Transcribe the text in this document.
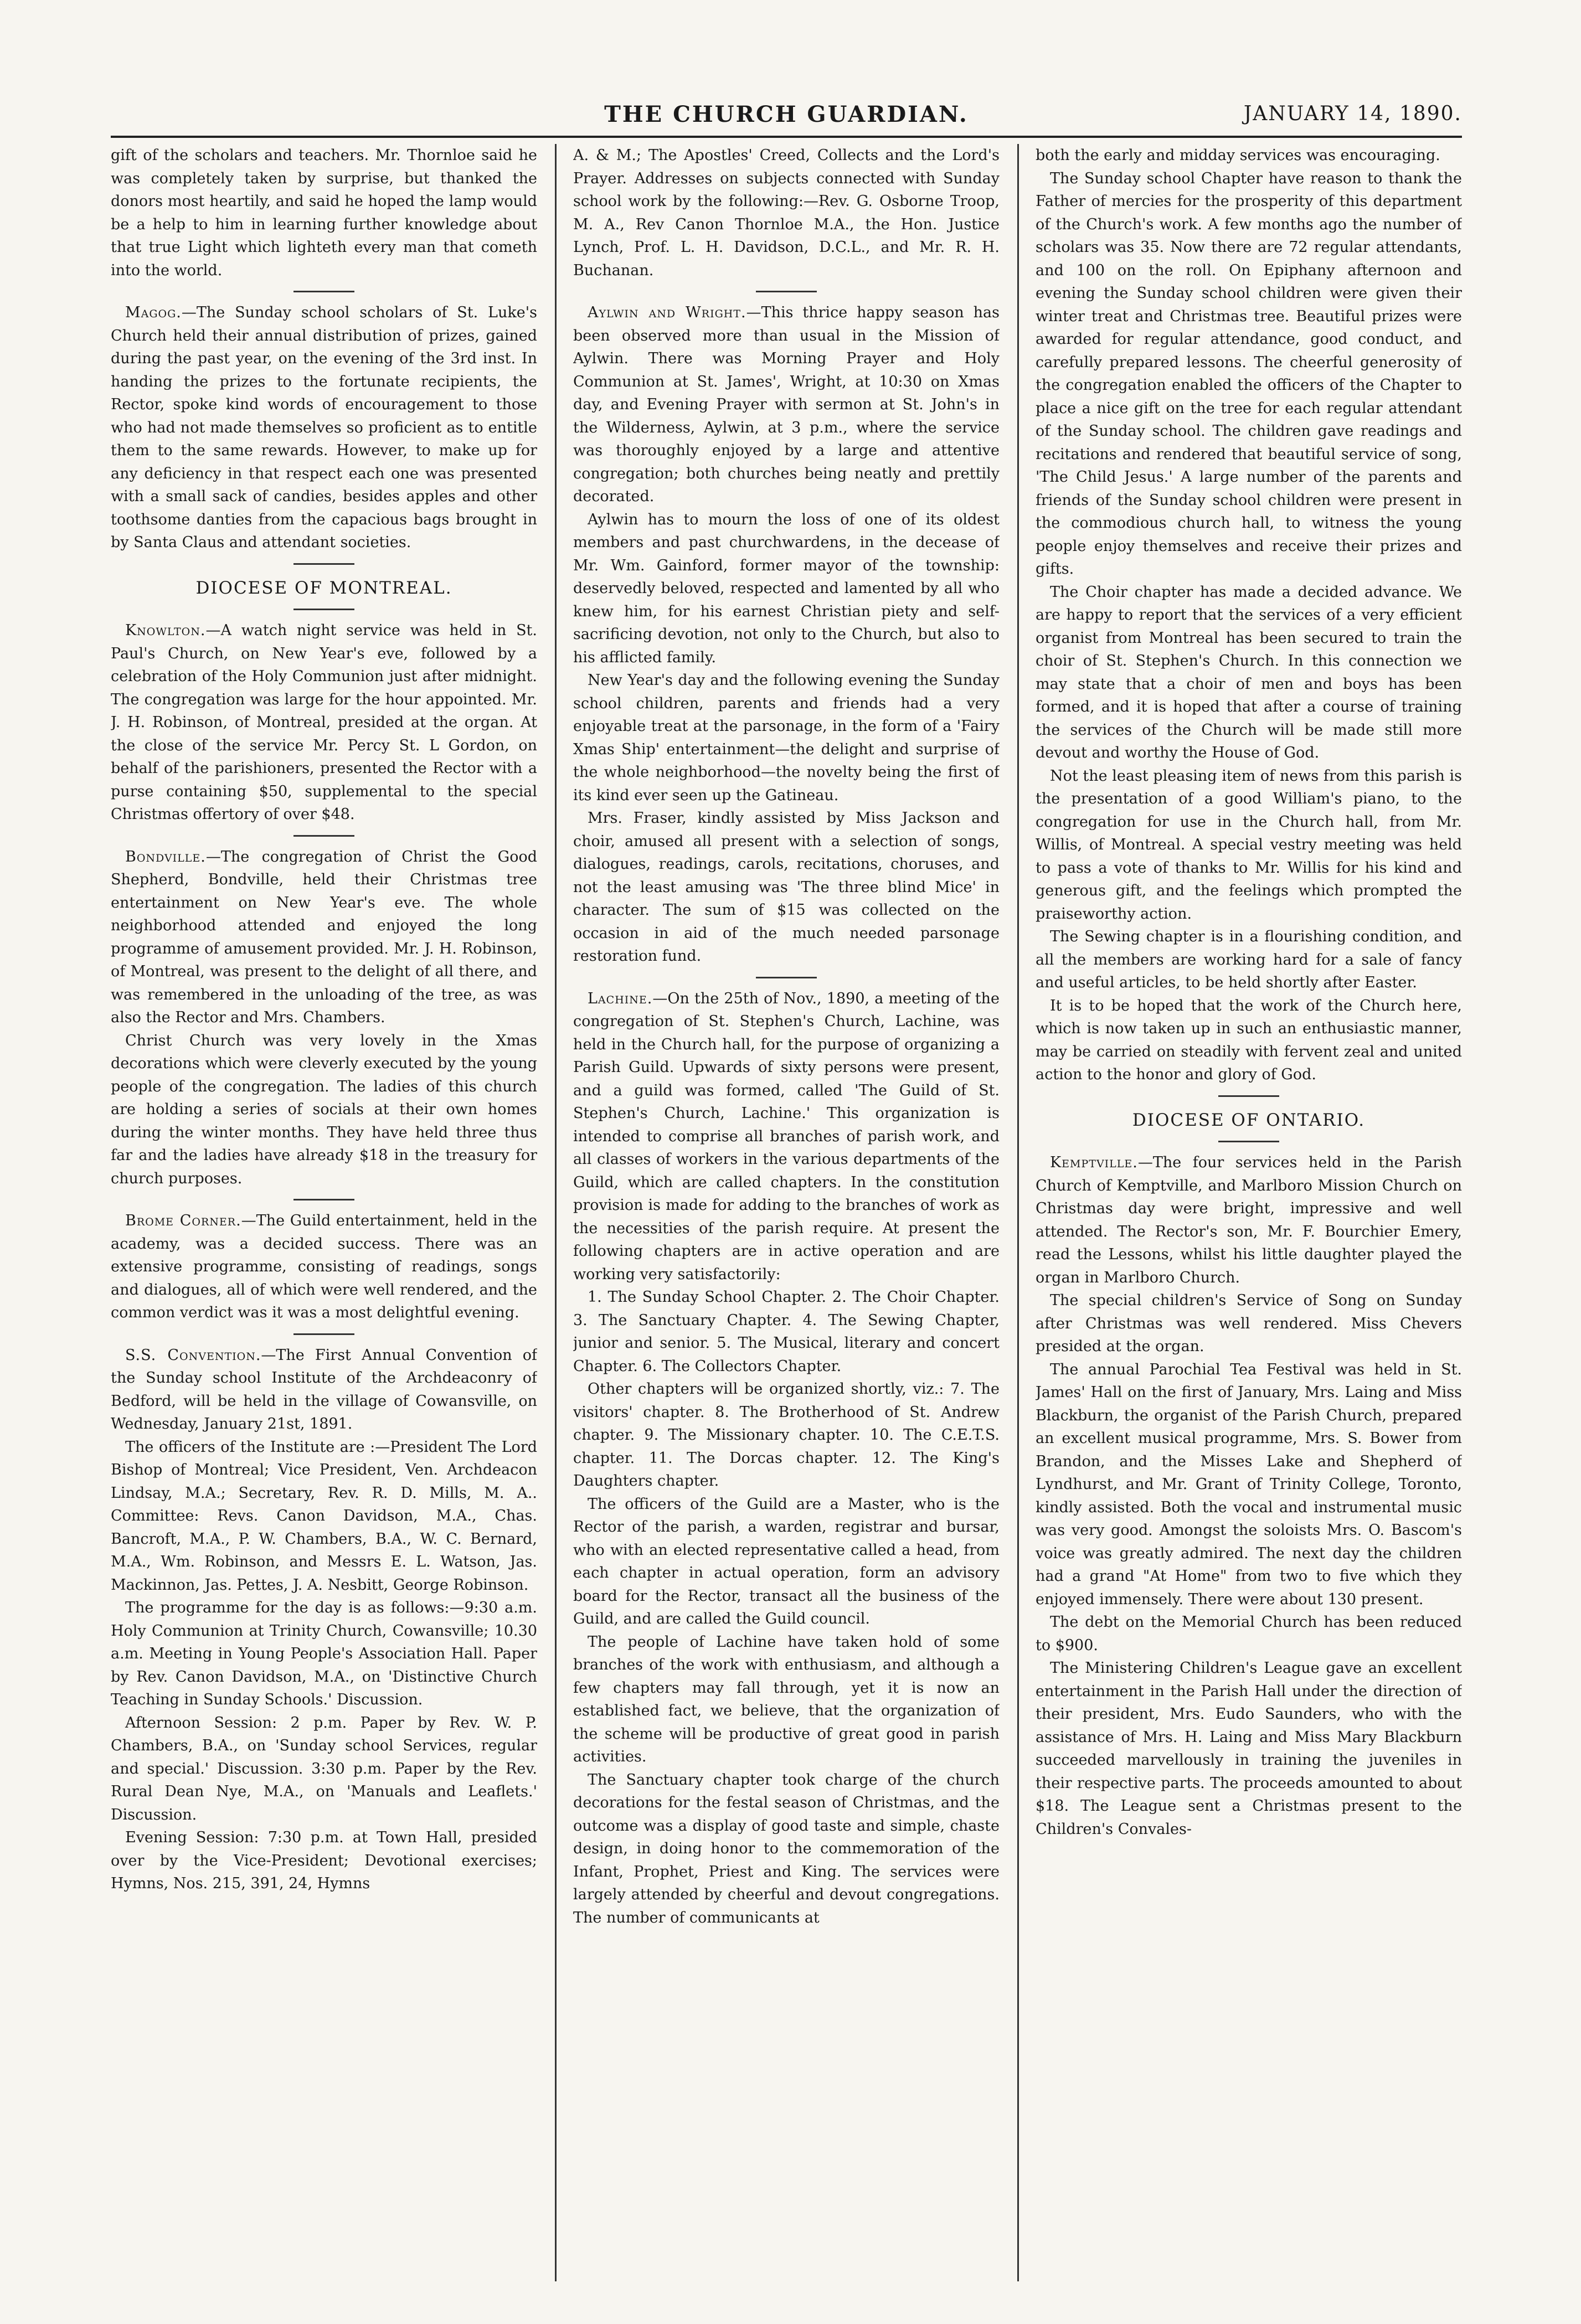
THE CHURCH GUARDIAN.	JANUARY 14, 1890.

gift of the scholars and teachers. Mr. Thornloe said he was completely taken by surprise, but thanked the donors most heartily, and said he hoped the lamp would be a help to him in learning further knowledge about that true Light which lighteth every man that cometh into the world.

Magog.—The Sunday school scholars of St. Luke's Church held their annual distribution of prizes, gained during the past year, on the evening of the 3rd inst. In handing the prizes to the fortunate recipients, the Rector, spoke kind words of encouragement to those who had not made themselves so proficient as to entitle them to the same rewards. However, to make up for any deficiency in that respect each one was presented with a small sack of candies, besides apples and other toothsome danties from the capacious bags brought in by Santa Claus and attendant societies.

DIOCESE OF MONTREAL.

Knowlton.—A watch night service was held in St. Paul's Church, on New Year's eve, followed by a celebration of the Holy Communion just after midnight. The congregation was large for the hour appointed. Mr. J. H. Robinson, of Montreal, presided at the organ. At the close of the service Mr. Percy St. L Gordon, on behalf of the parishioners, presented the Rector with a purse containing $50, supplemental to the special Christmas offertory of over $48.

Bondville.—The congregation of Christ the Good Shepherd, Bondville, held their Christmas tree entertainment on New Year's eve. The whole neighborhood attended and enjoyed the long programme of amusement provided. Mr. J. H. Robinson, of Montreal, was present to the delight of all there, and was remembered in the unloading of the tree, as was also the Rector and Mrs. Chambers.

Christ Church was very lovely in the Xmas decorations which were cleverly executed by the young people of the congregation. The ladies of this church are holding a series of socials at their own homes during the winter months. They have held three thus far and the ladies have already $18 in the treasury for church purposes.

Brome Corner.—The Guild entertainment, held in the academy, was a decided success. There was an extensive programme, consisting of readings, songs and dialogues, all of which were well rendered, and the common verdict was it was a most delightful evening.

S.S. Convention.—The First Annual Convention of the Sunday school Institute of the Archdeaconry of Bedford, will be held in the village of Cowansville, on Wednesday, January 21st, 1891.

The officers of the Institute are :—President The Lord Bishop of Montreal; Vice President, Ven. Archdeacon Lindsay, M.A.; Secretary, Rev. R. D. Mills, M. A.. Committee: Revs. Canon Davidson, M.A., Chas. Bancroft, M.A., P. W. Chambers, B.A., W. C. Bernard, M.A., Wm. Robinson, and Messrs E. L. Watson, Jas. Mackinnon, Jas. Pettes, J. A. Nesbitt, George Robinson.

The programme for the day is as follows:—9:30 a.m. Holy Communion at Trinity Church, Cowansville; 10.30 a.m. Meeting in Young People's Association Hall. Paper by Rev. Canon Davidson, M.A., on 'Distinctive Church Teaching in Sunday Schools.' Discussion.

Afternoon Session: 2 p.m. Paper by Rev. W. P. Chambers, B.A., on 'Sunday school Services, regular and special.' Discussion. 3:30 p.m. Paper by the Rev. Rural Dean Nye, M.A., on 'Manuals and Leaflets.' Discussion.

Evening Session: 7:30 p.m. at Town Hall, presided over by the Vice-President; Devotional exercises; Hymns, Nos. 215, 391, 24, Hymns

A. & M.; The Apostles' Creed, Collects and the Lord's Prayer. Addresses on subjects connected with Sunday school work by the following:—Rev. G. Osborne Troop, M. A., Rev Canon Thornloe M.A., the Hon. Justice Lynch, Prof. L. H. Davidson, D.C.L., and Mr. R. H. Buchanan.

Aylwin and Wright.—This thrice happy season has been observed more than usual in the Mission of Aylwin. There was Morning Prayer and Holy Communion at St. James', Wright, at 10:30 on Xmas day, and Evening Prayer with sermon at St. John's in the Wilderness, Aylwin, at 3 p.m., where the service was thoroughly enjoyed by a large and attentive congregation; both churches being neatly and prettily decorated.

Aylwin has to mourn the loss of one of its oldest members and past churchwardens, in the decease of Mr. Wm. Gainford, former mayor of the township: deservedly beloved, respected and lamented by all who knew him, for his earnest Christian piety and self-sacrificing devotion, not only to the Church, but also to his afflicted family.

New Year's day and the following evening the Sunday school children, parents and friends had a very enjoyable treat at the parsonage, in the form of a 'Fairy Xmas Ship' entertainment—the delight and surprise of the whole neighborhood—the novelty being the first of its kind ever seen up the Gatineau.

Mrs. Fraser, kindly assisted by Miss Jackson and choir, amused all present with a selection of songs, dialogues, readings, carols, recitations, choruses, and not the least amusing was 'The three blind Mice' in character. The sum of $15 was collected on the occasion in aid of the much needed parsonage restoration fund.

Lachine.—On the 25th of Nov., 1890, a meeting of the congregation of St. Stephen's Church, Lachine, was held in the Church hall, for the purpose of organizing a Parish Guild. Upwards of sixty persons were present, and a guild was formed, called 'The Guild of St. Stephen's Church, Lachine.' This organization is intended to comprise all branches of parish work, and all classes of workers in the various departments of the Guild, which are called chapters. In the constitution provision is made for adding to the branches of work as the necessities of the parish require. At present the following chapters are in active operation and are working very satisfactorily:

1. The Sunday School Chapter. 2. The Choir Chapter. 3. The Sanctuary Chapter. 4. The Sewing Chapter, junior and senior. 5. The Musical, literary and concert Chapter. 6. The Collectors Chapter.

Other chapters will be organized shortly, viz.: 7. The visitors' chapter. 8. The Brotherhood of St. Andrew chapter. 9. The Missionary chapter. 10. The C.E.T.S. chapter. 11. The Dorcas chapter. 12. The King's Daughters chapter.

The officers of the Guild are a Master, who is the Rector of the parish, a warden, registrar and bursar, who with an elected representative called a head, from each chapter in actual operation, form an advisory board for the Rector, transact all the business of the Guild, and are called the Guild council.

The people of Lachine have taken hold of some branches of the work with enthusiasm, and although a few chapters may fall through, yet it is now an established fact, we believe, that the organization of the scheme will be productive of great good in parish activities.

The Sanctuary chapter took charge of the church decorations for the festal season of Christmas, and the outcome was a display of good taste and simple, chaste design, in doing honor to the commemoration of the Infant, Prophet, Priest and King. The services were largely attended by cheerful and devout congregations. The number of communicants at

both the early and midday services was encouraging.

The Sunday school Chapter have reason to thank the Father of mercies for the prosperity of this department of the Church's work. A few months ago the number of scholars was 35. Now there are 72 regular attendants, and 100 on the roll. On Epiphany afternoon and evening the Sunday school children were given their winter treat and Christmas tree. Beautiful prizes were awarded for regular attendance, good conduct, and carefully prepared lessons. The cheerful generosity of the congregation enabled the officers of the Chapter to place a nice gift on the tree for each regular attendant of the Sunday school. The children gave readings and recitations and rendered that beautiful service of song, 'The Child Jesus.' A large number of the parents and friends of the Sunday school children were present in the commodious church hall, to witness the young people enjoy themselves and receive their prizes and gifts.

The Choir chapter has made a decided advance. We are happy to report that the services of a very efficient organist from Montreal has been secured to train the choir of St. Stephen's Church. In this connection we may state that a choir of men and boys has been formed, and it is hoped that after a course of training the services of the Church will be made still more devout and worthy the House of God.

Not the least pleasing item of news from this parish is the presentation of a good William's piano, to the congregation for use in the Church hall, from Mr. Willis, of Montreal. A special vestry meeting was held to pass a vote of thanks to Mr. Willis for his kind and generous gift, and the feelings which prompted the praiseworthy action.

The Sewing chapter is in a flourishing condition, and all the members are working hard for a sale of fancy and useful articles, to be held shortly after Easter.

It is to be hoped that the work of the Church here, which is now taken up in such an enthusiastic manner, may be carried on steadily with fervent zeal and united action to the honor and glory of God.

DIOCESE OF ONTARIO.

Kemptville.—The four services held in the Parish Church of Kemptville, and Marlboro Mission Church on Christmas day were bright, impressive and well attended. The Rector's son, Mr. F. Bourchier Emery, read the Lessons, whilst his little daughter played the organ in Marlboro Church.

The special children's Service of Song on Sunday after Christmas was well rendered. Miss Chevers presided at the organ.

The annual Parochial Tea Festival was held in St. James' Hall on the first of January, Mrs. Laing and Miss Blackburn, the organist of the Parish Church, prepared an excellent musical programme, Mrs. S. Bower from Brandon, and the Misses Lake and Shepherd of Lyndhurst, and Mr. Grant of Trinity College, Toronto, kindly assisted. Both the vocal and instrumental music was very good. Amongst the soloists Mrs. O. Bascom's voice was greatly admired. The next day the children had a grand "At Home" from two to five which they enjoyed immensely. There were about 130 present.

The debt on the Memorial Church has been reduced to $900.

The Ministering Children's League gave an excellent entertainment in the Parish Hall under the direction of their president, Mrs. Eudo Saunders, who with the assistance of Mrs. H. Laing and Miss Mary Blackburn succeeded marvellously in training the juveniles in their respective parts. The proceeds amounted to about $18. The League sent a Christmas present to the Children's Convales-
